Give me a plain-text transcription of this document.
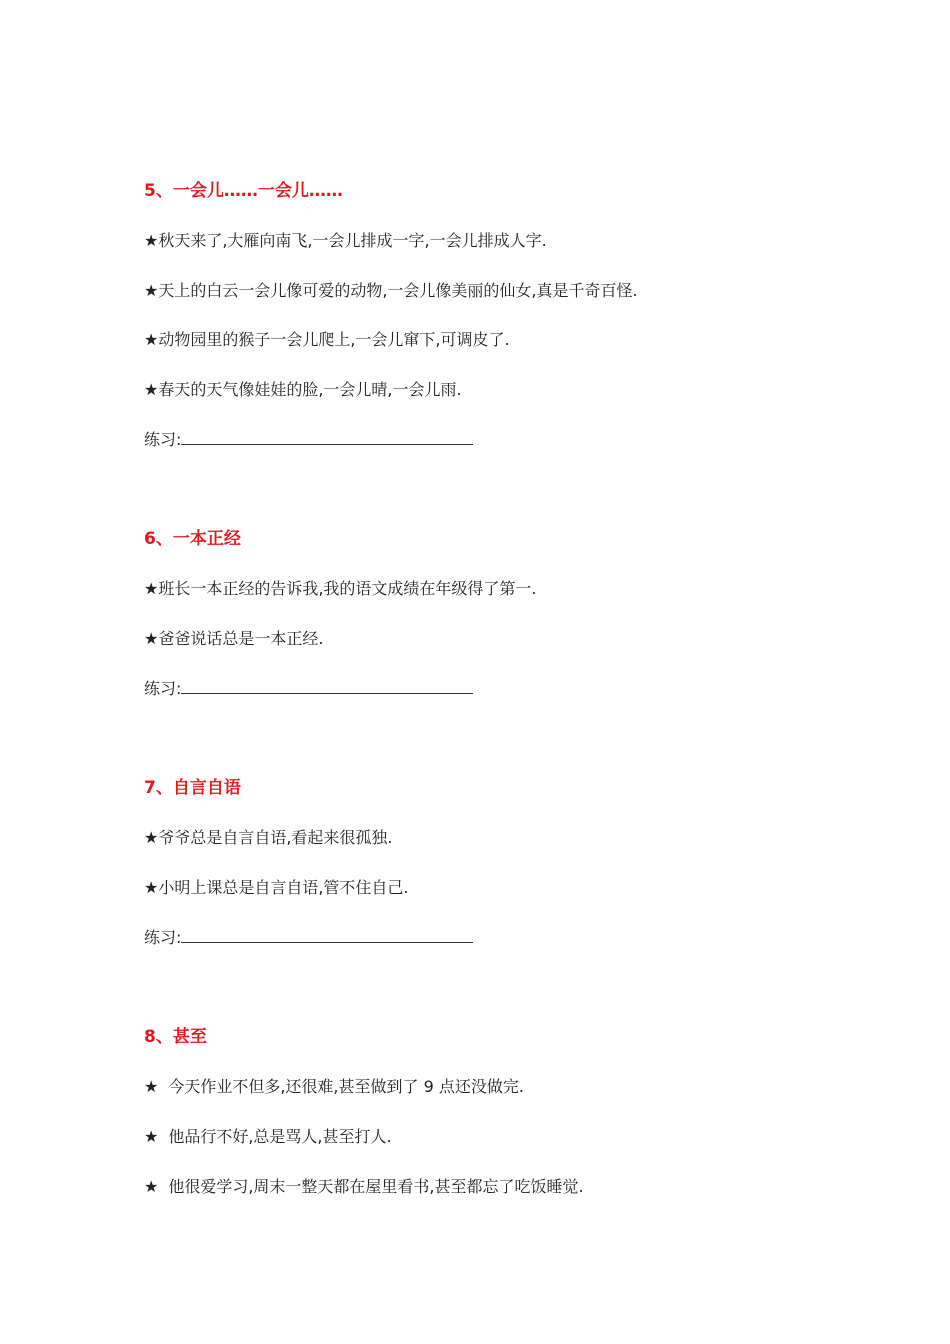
5、一会儿……一会儿……
★秋天来了,大雁向南飞,一会儿排成一字,一会儿排成人字.
★天上的白云一会儿像可爱的动物,一会儿像美丽的仙女,真是千奇百怪.
★动物园里的猴子一会儿爬上,一会儿窜下,可调皮了.
★春天的天气像娃娃的脸,一会儿晴,一会儿雨.
练习:
6、一本正经
★班长一本正经的告诉我,我的语文成绩在年级得了第一.
★爸爸说话总是一本正经.
练习:
7、自言自语
★爷爷总是自言自语,看起来很孤独.
★小明上课总是自言自语,管不住自己.
练习:
8、甚至
★ 今天作业不但多,还很难,甚至做到了 9 点还没做完.
★ 他品行不好,总是骂人,甚至打人.
★ 他很爱学习,周末一整天都在屋里看书,甚至都忘了吃饭睡觉.
